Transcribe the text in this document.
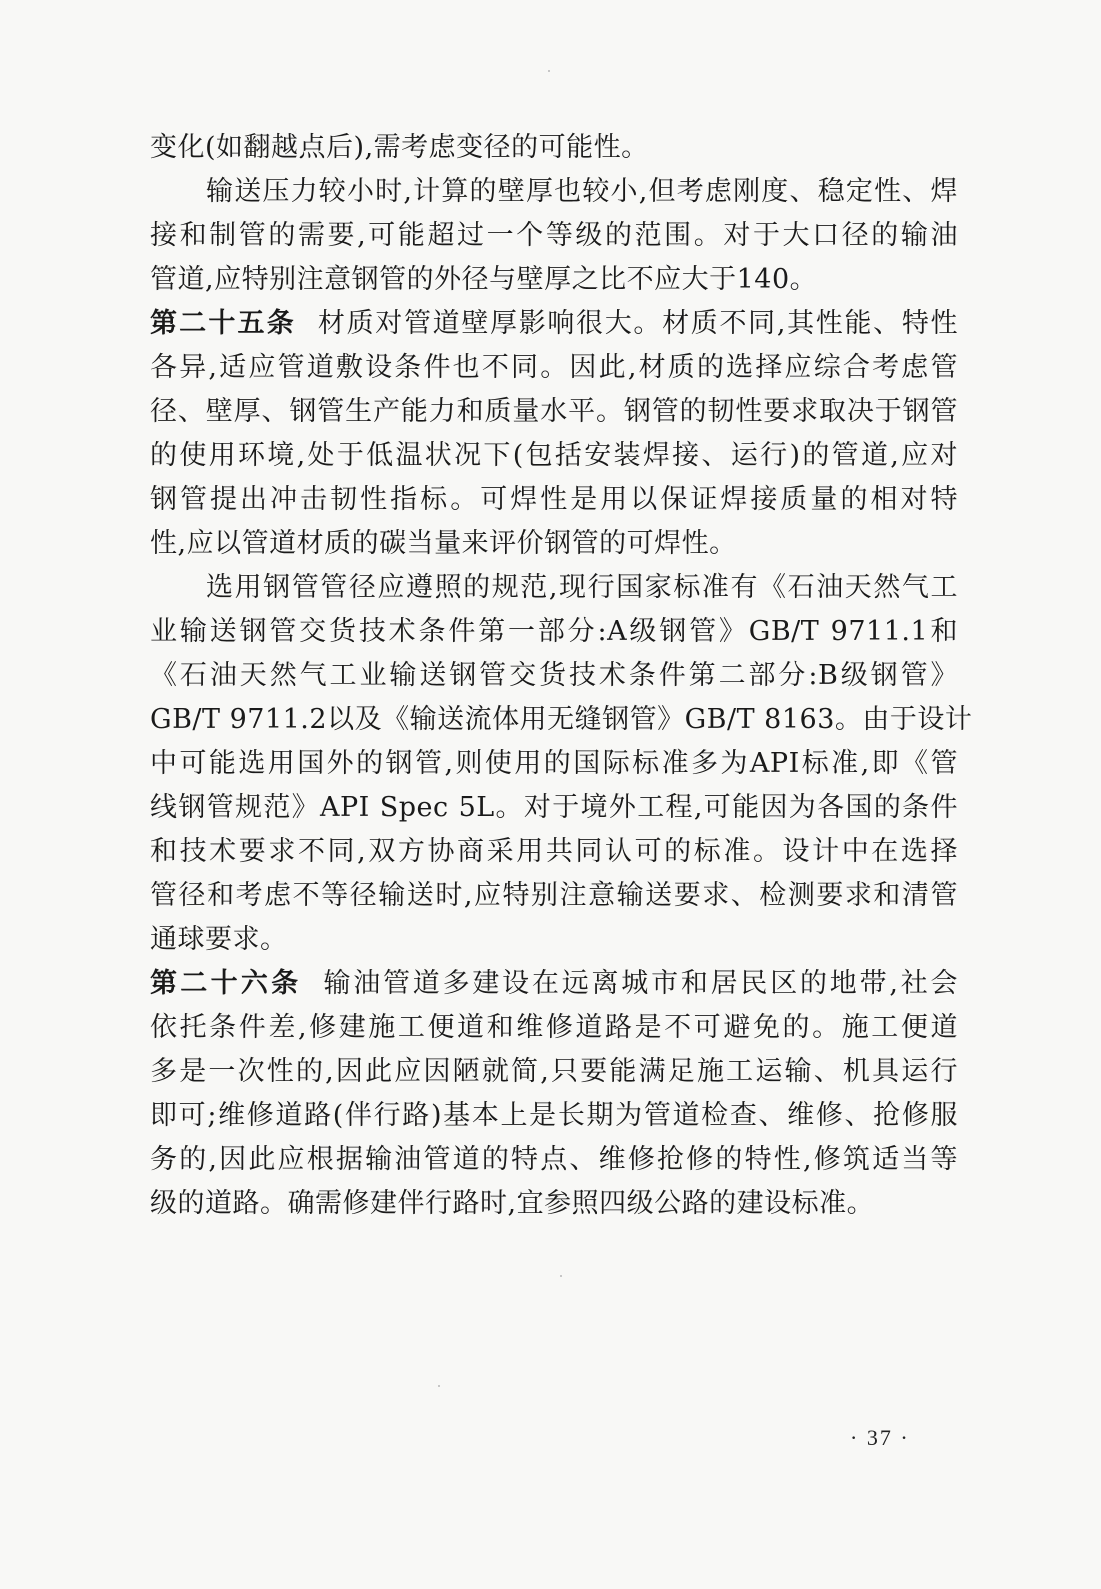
变化(如翻越点后),需考虑变径的可能性。
输送压力较小时,计算的壁厚也较小,但考虑刚度、稳定性、焊
接和制管的需要,可能超过一个等级的范围。对于大口径的输油
管道,应特别注意钢管的外径与壁厚之比不应大于140。
第二十五条 材质对管道壁厚影响很大。材质不同,其性能、特性
各异,适应管道敷设条件也不同。因此,材质的选择应综合考虑管
径、壁厚、钢管生产能力和质量水平。钢管的韧性要求取决于钢管
的使用环境,处于低温状况下(包括安装焊接、运行)的管道,应对
钢管提出冲击韧性指标。可焊性是用以保证焊接质量的相对特
性,应以管道材质的碳当量来评价钢管的可焊性。
选用钢管管径应遵照的规范,现行国家标准有《石油天然气工
业输送钢管交货技术条件第一部分:A级钢管》GB/T 9711.1和
《石油天然气工业输送钢管交货技术条件第二部分:B级钢管》
GB/T 9711.2以及《输送流体用无缝钢管》GB/T 8163。由于设计
中可能选用国外的钢管,则使用的国际标准多为API标准,即《管
线钢管规范》API Spec 5L。对于境外工程,可能因为各国的条件
和技术要求不同,双方协商采用共同认可的标准。设计中在选择
管径和考虑不等径输送时,应特别注意输送要求、检测要求和清管
通球要求。
第二十六条 输油管道多建设在远离城市和居民区的地带,社会
依托条件差,修建施工便道和维修道路是不可避免的。施工便道
多是一次性的,因此应因陋就简,只要能满足施工运输、机具运行
即可;维修道路(伴行路)基本上是长期为管道检查、维修、抢修服
务的,因此应根据输油管道的特点、维修抢修的特性,修筑适当等
级的道路。确需修建伴行路时,宜参照四级公路的建设标准。
· 37 ·
